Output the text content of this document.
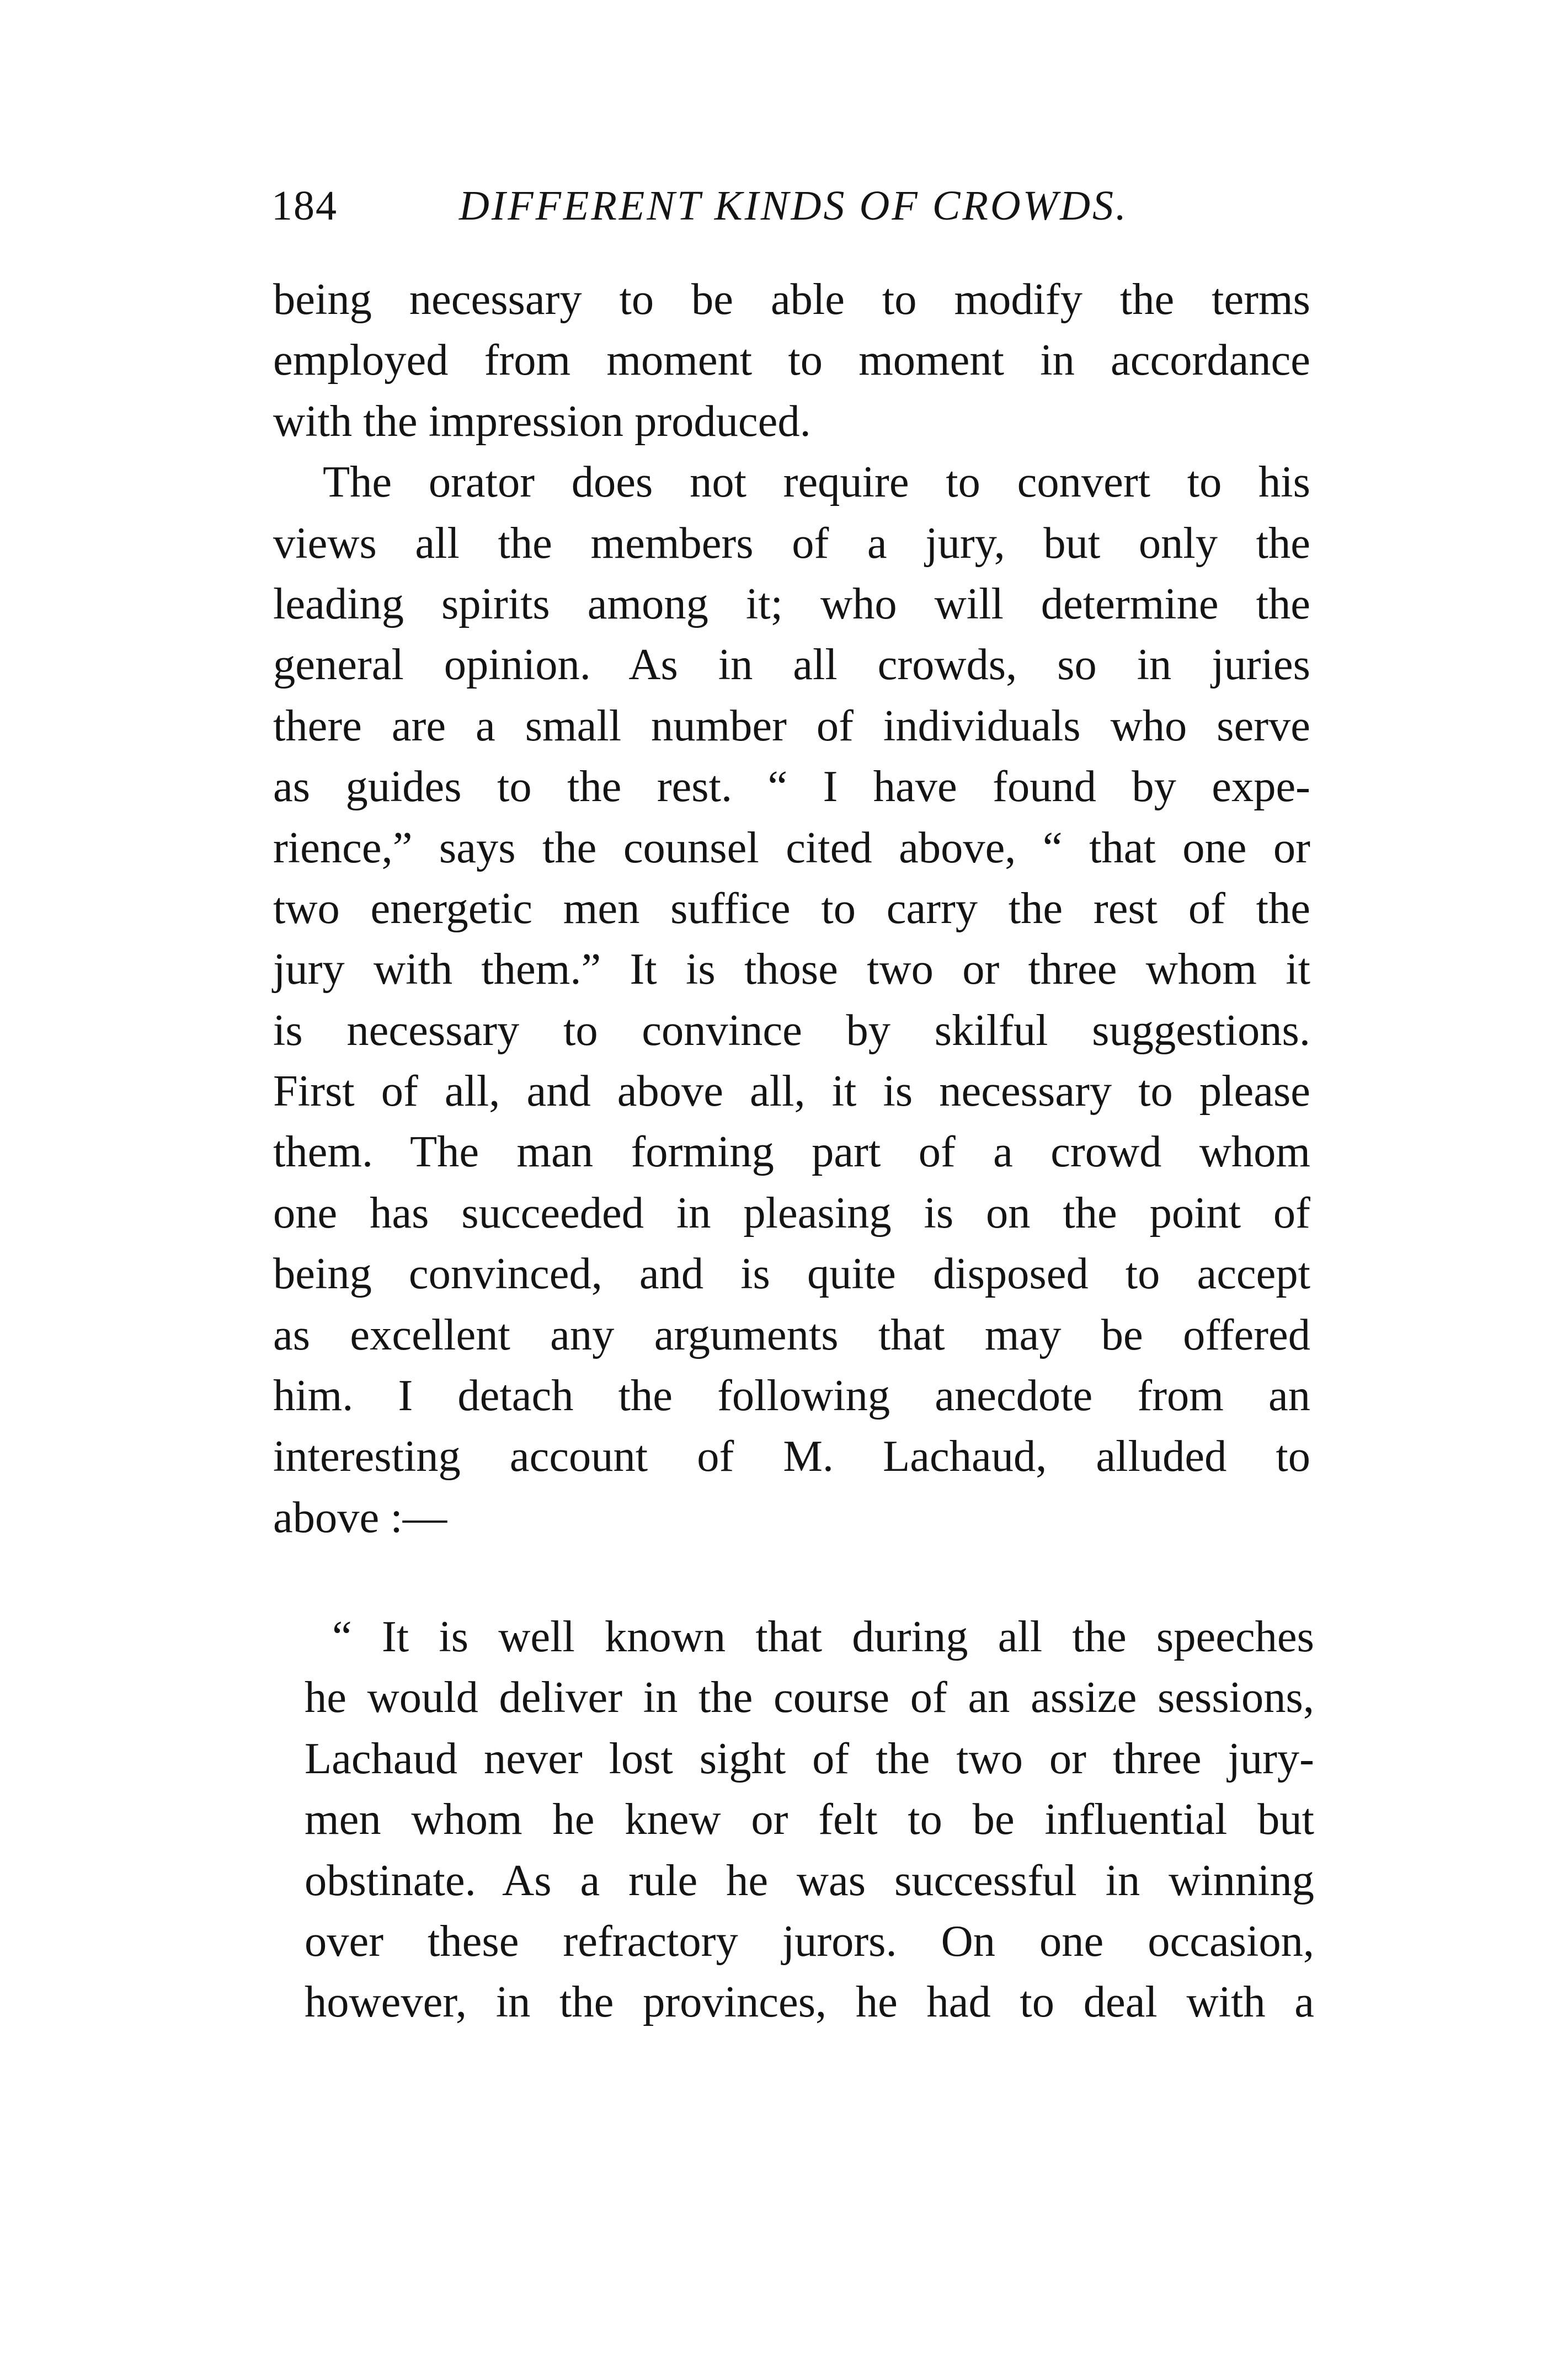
184	DIFFERENT KINDS OF CROWDS.
being necessary to be able to modify the terms
employed from moment to moment in accordance
with the impression produced.
The orator does not require to convert to his
views all the members of a jury, but only the
leading spirits among it; who will determine the
general opinion. As in all crowds, so in juries
there are a small number of individuals who serve
as guides to the rest. “ I have found by expe-
rience,” says the counsel cited above, “ that one or
two energetic men suffice to carry the rest of the
jury with them.” It is those two or three whom it
is necessary to convince by skilful suggestions.
First of all, and above all, it is necessary to please
them. The man forming part of a crowd whom
one has succeeded in pleasing is on the point of
being convinced, and is quite disposed to accept
as excellent any arguments that may be offered
him. I detach the following anecdote from an
interesting account of M. Lachaud, alluded to
above :—
“ It is well known that during all the speeches
he would deliver in the course of an assize sessions,
Lachaud never lost sight of the two or three jury-
men whom he knew or felt to be influential but
obstinate. As a rule he was successful in winning
over these refractory jurors. On one occasion,
however, in the provinces, he had to deal with a
